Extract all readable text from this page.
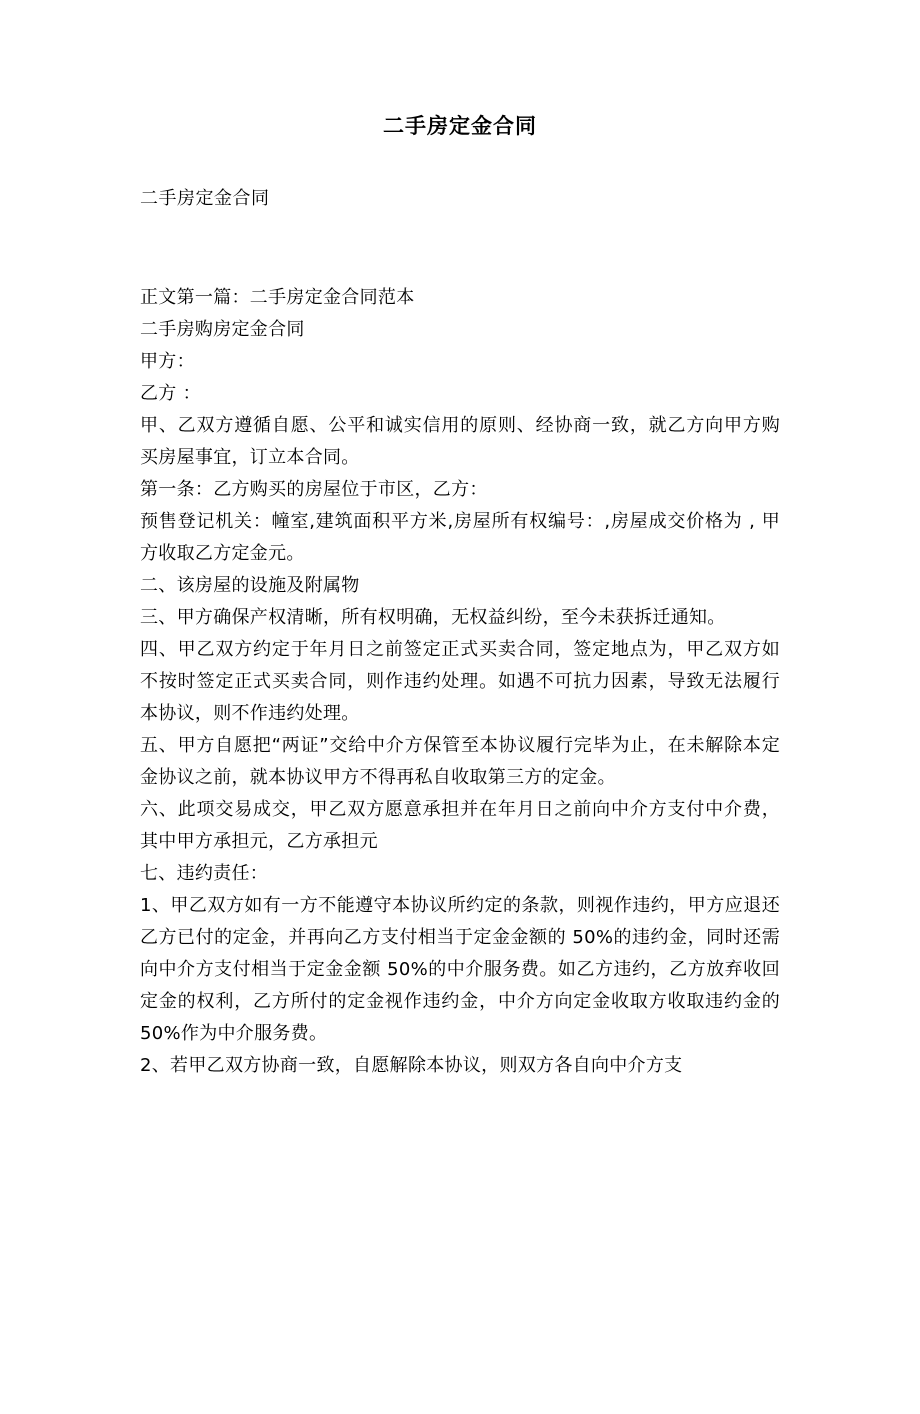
二手房定金合同
二手房定金合同

正文第一篇：二手房定金合同范本

二手房购房定金合同

甲方：

乙方 ：

甲、乙双方遵循自愿、公平和诚实信用的原则、经协商一致，就乙方向甲方购买房屋事宜，订立本合同。

第一条：乙方购买的房屋位于市区，乙方：

预售登记机关：幢室,建筑面积平方米,房屋所有权编号：,房屋成交价格为 , 甲方收取乙方定金元。

二、该房屋的设施及附属物

三、甲方确保产权清晰，所有权明确，无权益纠纷，至今未获拆迁通知。

四、甲乙双方约定于年月日之前签定正式买卖合同，签定地点为，甲乙双方如不按时签定正式买卖合同，则作违约处理。如遇不可抗力因素，导致无法履行本协议，则不作违约处理。

五、甲方自愿把“两证”交给中介方保管至本协议履行完毕为止，在未解除本定金协议之前，就本协议甲方不得再私自收取第三方的定金。

六、此项交易成交，甲乙双方愿意承担并在年月日之前向中介方支付中介费，其中甲方承担元，乙方承担元

七、违约责任：

1、甲乙双方如有一方不能遵守本协议所约定的条款，则视作违约，甲方应退还乙方已付的定金，并再向乙方支付相当于定金金额的 50%的违约金，同时还需向中介方支付相当于定金金额 50%的中介服务费。如乙方违约，乙方放弃收回定金的权利，乙方所付的定金视作违约金，中介方向定金收取方收取违约金的 50%作为中介服务费。

2、若甲乙双方协商一致，自愿解除本协议，则双方各自向中介方支
